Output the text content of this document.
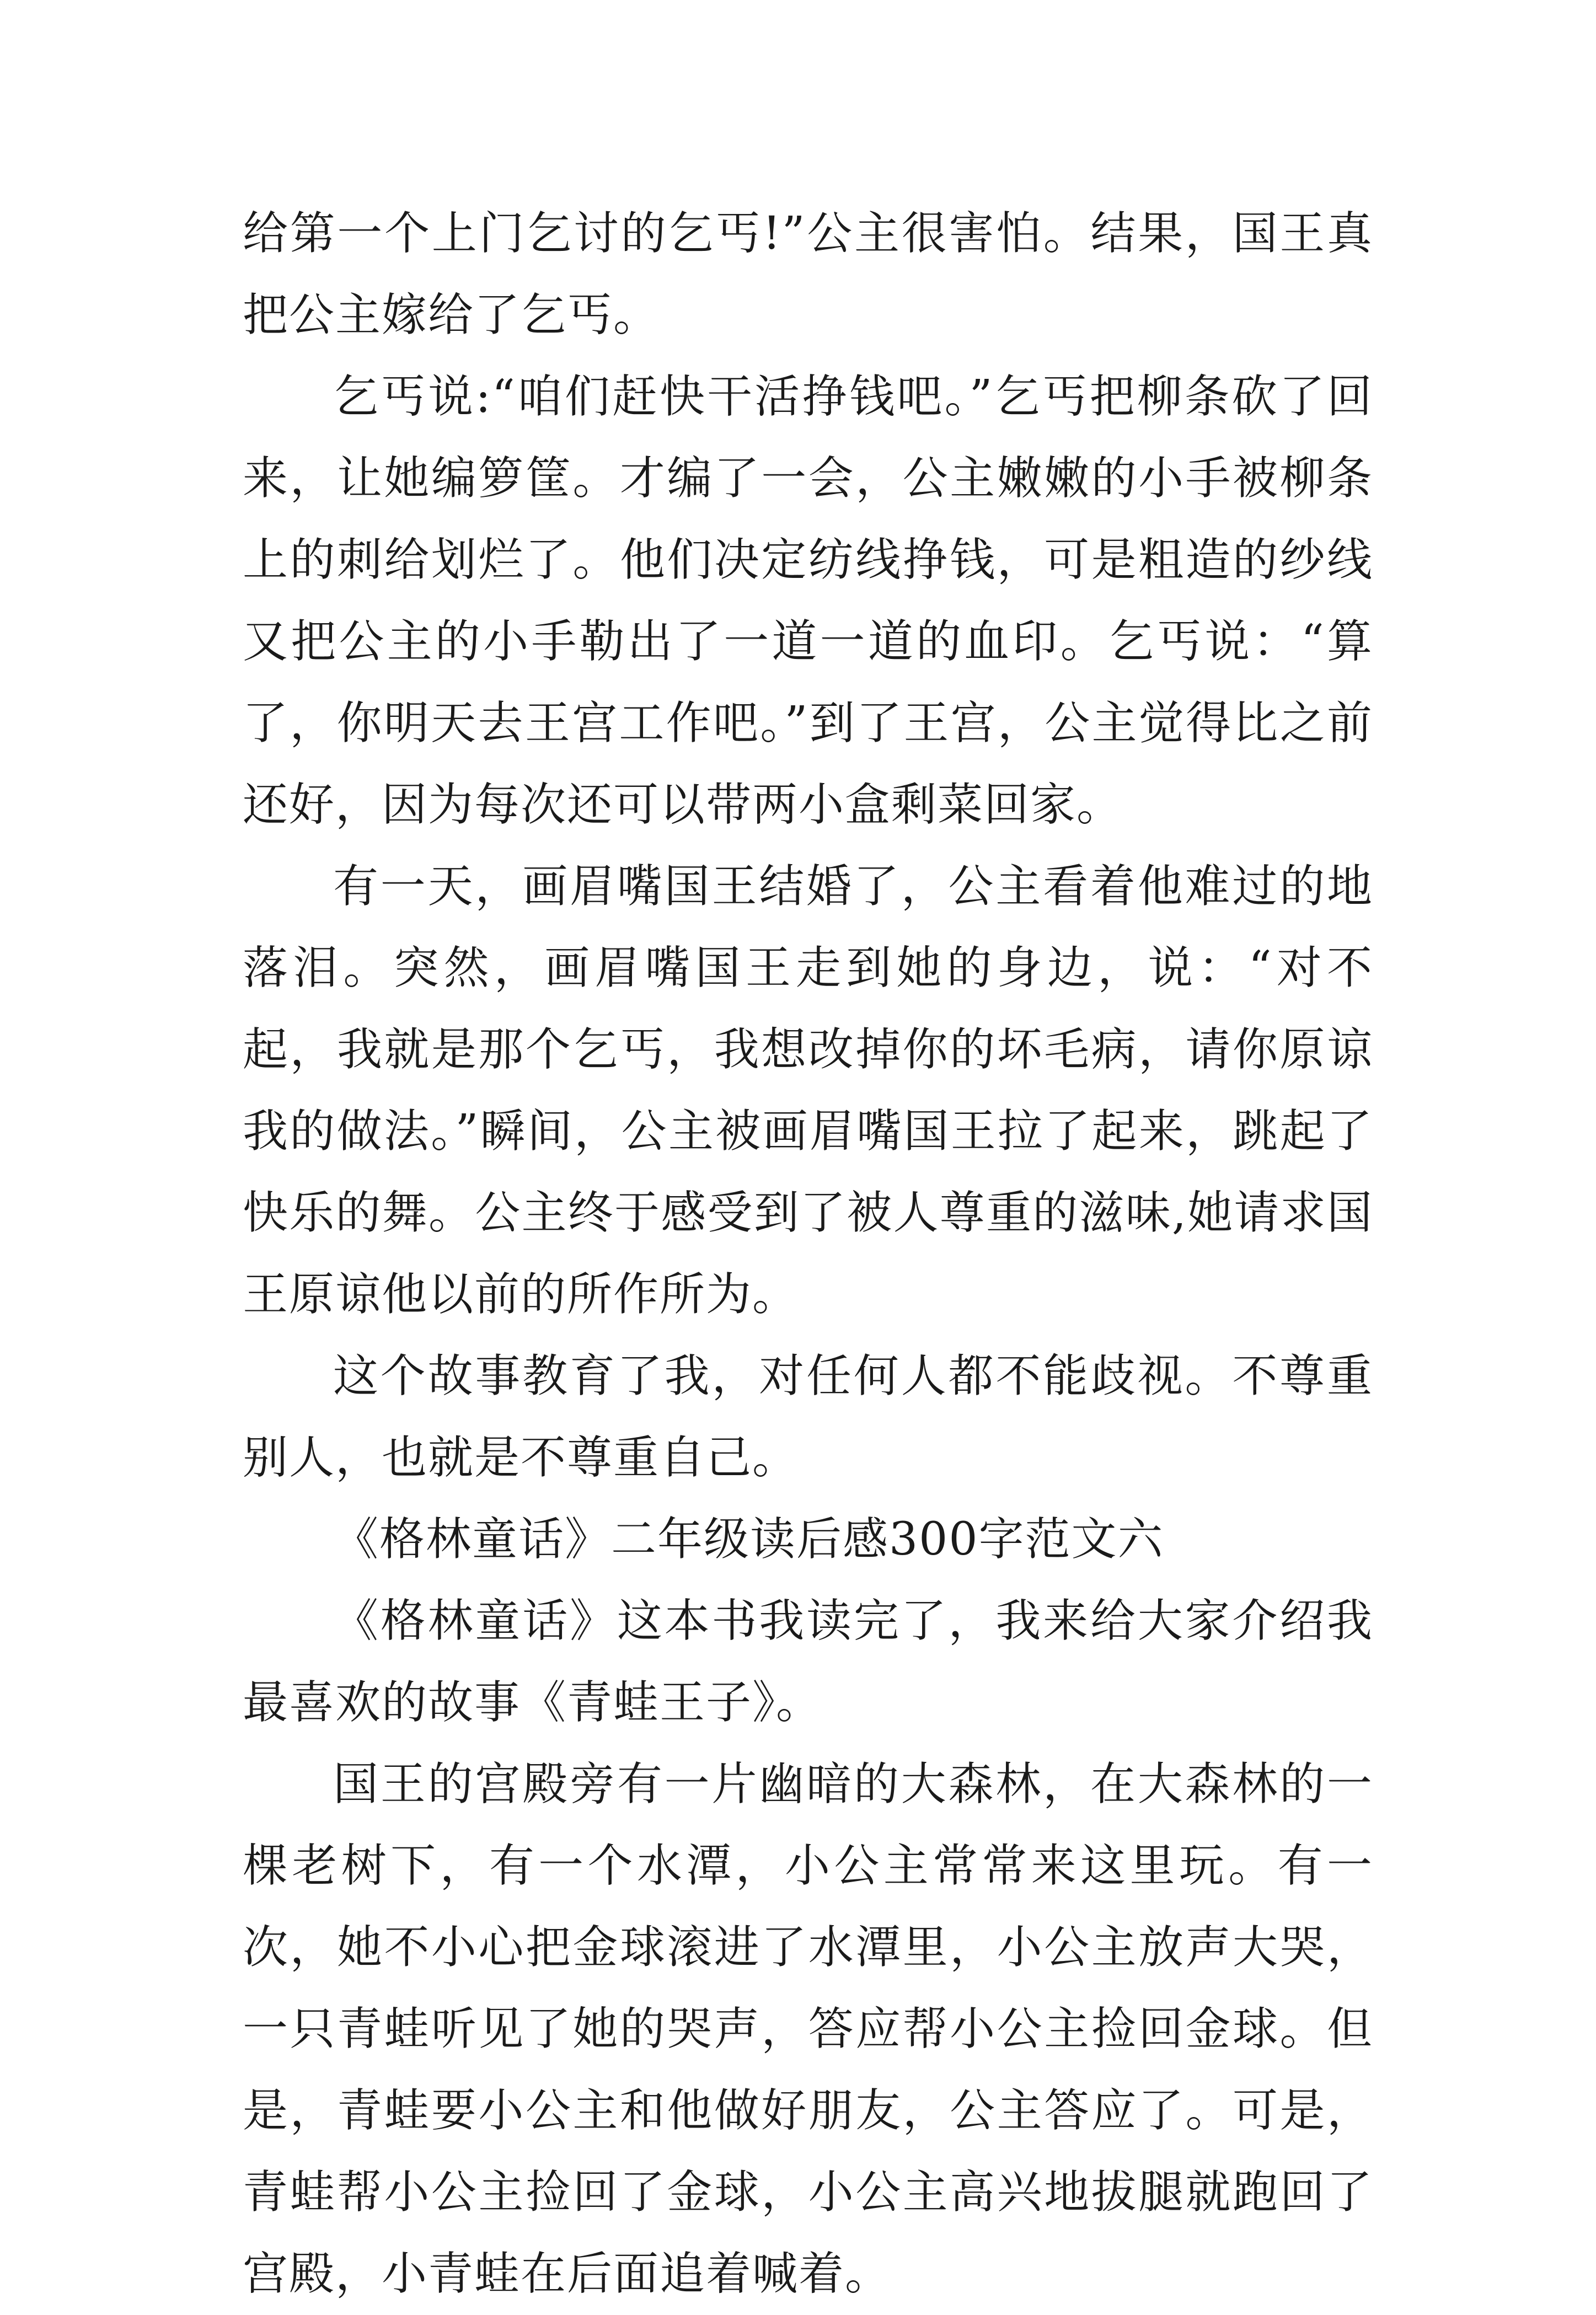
给第一个上门乞讨的乞丐!”公主很害怕。结果，国王真把公主嫁给了乞丐。

乞丐说:“咱们赶快干活挣钱吧。”乞丐把柳条砍了回来，让她编箩筐。才编了一会，公主嫩嫩的小手被柳条上的刺给划烂了。他们决定纺线挣钱，可是粗造的纱线又把公主的小手勒出了一道一道的血印。乞丐说：“算了，你明天去王宫工作吧。”到了王宫，公主觉得比之前还好，因为每次还可以带两小盒剩菜回家。

有一天，画眉嘴国王结婚了，公主看着他难过的地落泪。突然，画眉嘴国王走到她的身边，说：“对不起，我就是那个乞丐，我想改掉你的坏毛病，请你原谅我的做法。”瞬间，公主被画眉嘴国王拉了起来，跳起了快乐的舞。公主终于感受到了被人尊重的滋味,她请求国王原谅他以前的所作所为。

这个故事教育了我，对任何人都不能歧视。不尊重别人，也就是不尊重自己。

《格林童话》二年级读后感300字范文六

《格林童话》这本书我读完了，我来给大家介绍我最喜欢的故事《青蛙王子》。

国王的宫殿旁有一片幽暗的大森林，在大森林的一棵老树下，有一个水潭，小公主常常来这里玩。有一次，她不小心把金球滚进了水潭里，小公主放声大哭，一只青蛙听见了她的哭声，答应帮小公主捡回金球。但是，青蛙要小公主和他做好朋友，公主答应了。可是，青蛙帮小公主捡回了金球，小公主高兴地拔腿就跑回了宫殿，小青蛙在后面追着喊着。
